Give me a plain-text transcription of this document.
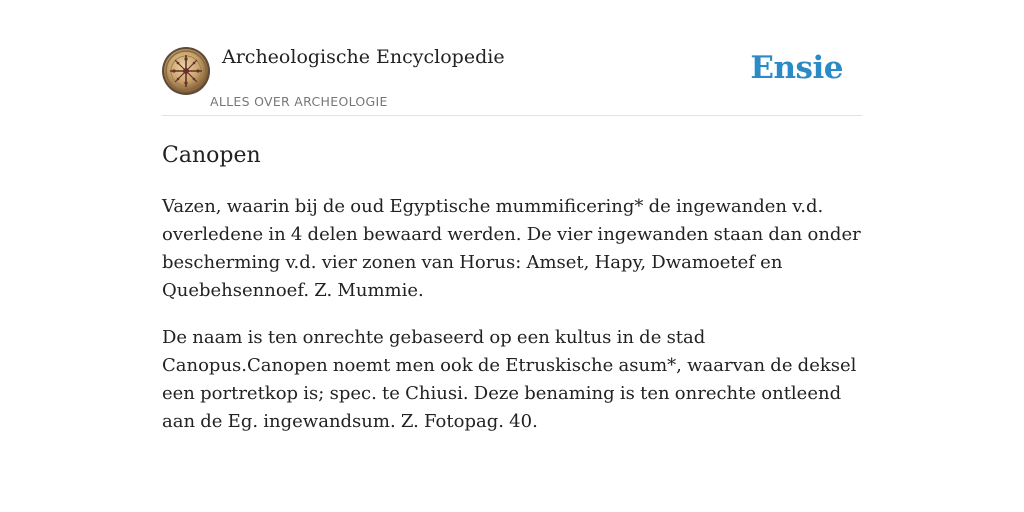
Archeologische Encyclopedie
ALLES OVER ARCHEOLOGIE
Ensie
Canopen

Vazen, waarin bij de oud Egyptische mummificering* de ingewanden v.d. overledene in 4 delen bewaard werden. De vier ingewanden staan dan onder bescherming v.d. vier zonen van Horus: Amset, Hapy, Dwamoetef en Quebehsennoef. Z. Mummie.

De naam is ten onrechte gebaseerd op een kultus in de stad Canopus.Canopen noemt men ook de Etruskische asum*, waarvan de deksel een portretkop is; spec. te Chiusi. Deze benaming is ten onrechte ontleend aan de Eg. ingewandsum. Z. Fotopag. 40.
